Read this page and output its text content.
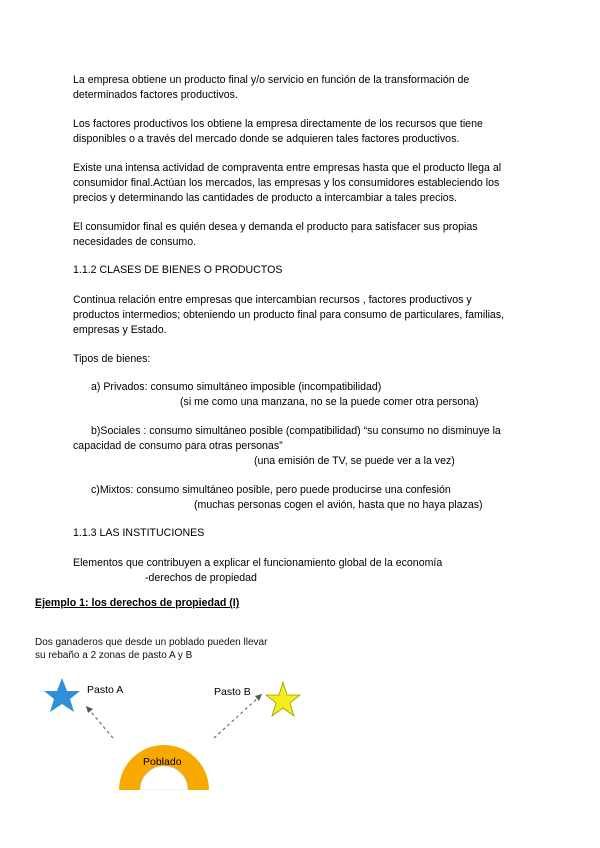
La empresa obtiene un producto final y/o servicio en función de la transformación de
determinados factores productivos.
Los factores productivos los obtiene la empresa directamente de los recursos que tiene
disponibles o a través del mercado donde se adquieren tales factores productivos.
Existe una intensa actividad de compraventa entre empresas hasta que el producto llega al
consumidor final.Actúan los mercados, las empresas y los consumidores estableciendo los
precios y determinando las cantidades de producto a intercambiar a tales precios.
El consumidor final es quién desea y demanda el producto para satisfacer sus propias
necesidades de consumo.
1.1.2 CLASES DE BIENES O PRODUCTOS
Continua relación entre empresas que intercambian recursos , factores productivos y
productos intermedios; obteniendo un producto final para consumo de particulares, familias,
empresas y Estado.
Tipos de bienes:
a) Privados: consumo simultáneo imposible (incompatibilidad)
(si me como una manzana, no se la puede comer otra persona)
b)Sociales : consumo simultáneo posible (compatibilidad) “su consumo no disminuye la
capacidad de consumo para otras personas”
(una emisión de TV, se puede ver a la vez)
c)Mixtos: consumo simultáneo posible, pero puede producirse una confesión
(muchas personas cogen el avión, hasta que no haya plazas)
1.1.3 LAS INSTITUCIONES
Elementos que contribuyen a explicar el funcionamiento global de la economía
-derechos de propiedad
Ejemplo 1: los derechos de propiedad (I)
Dos ganaderos que desde un poblado pueden llevar
su rebaño a 2 zonas de pasto A y B
Pasto A	Pasto B
Poblado
